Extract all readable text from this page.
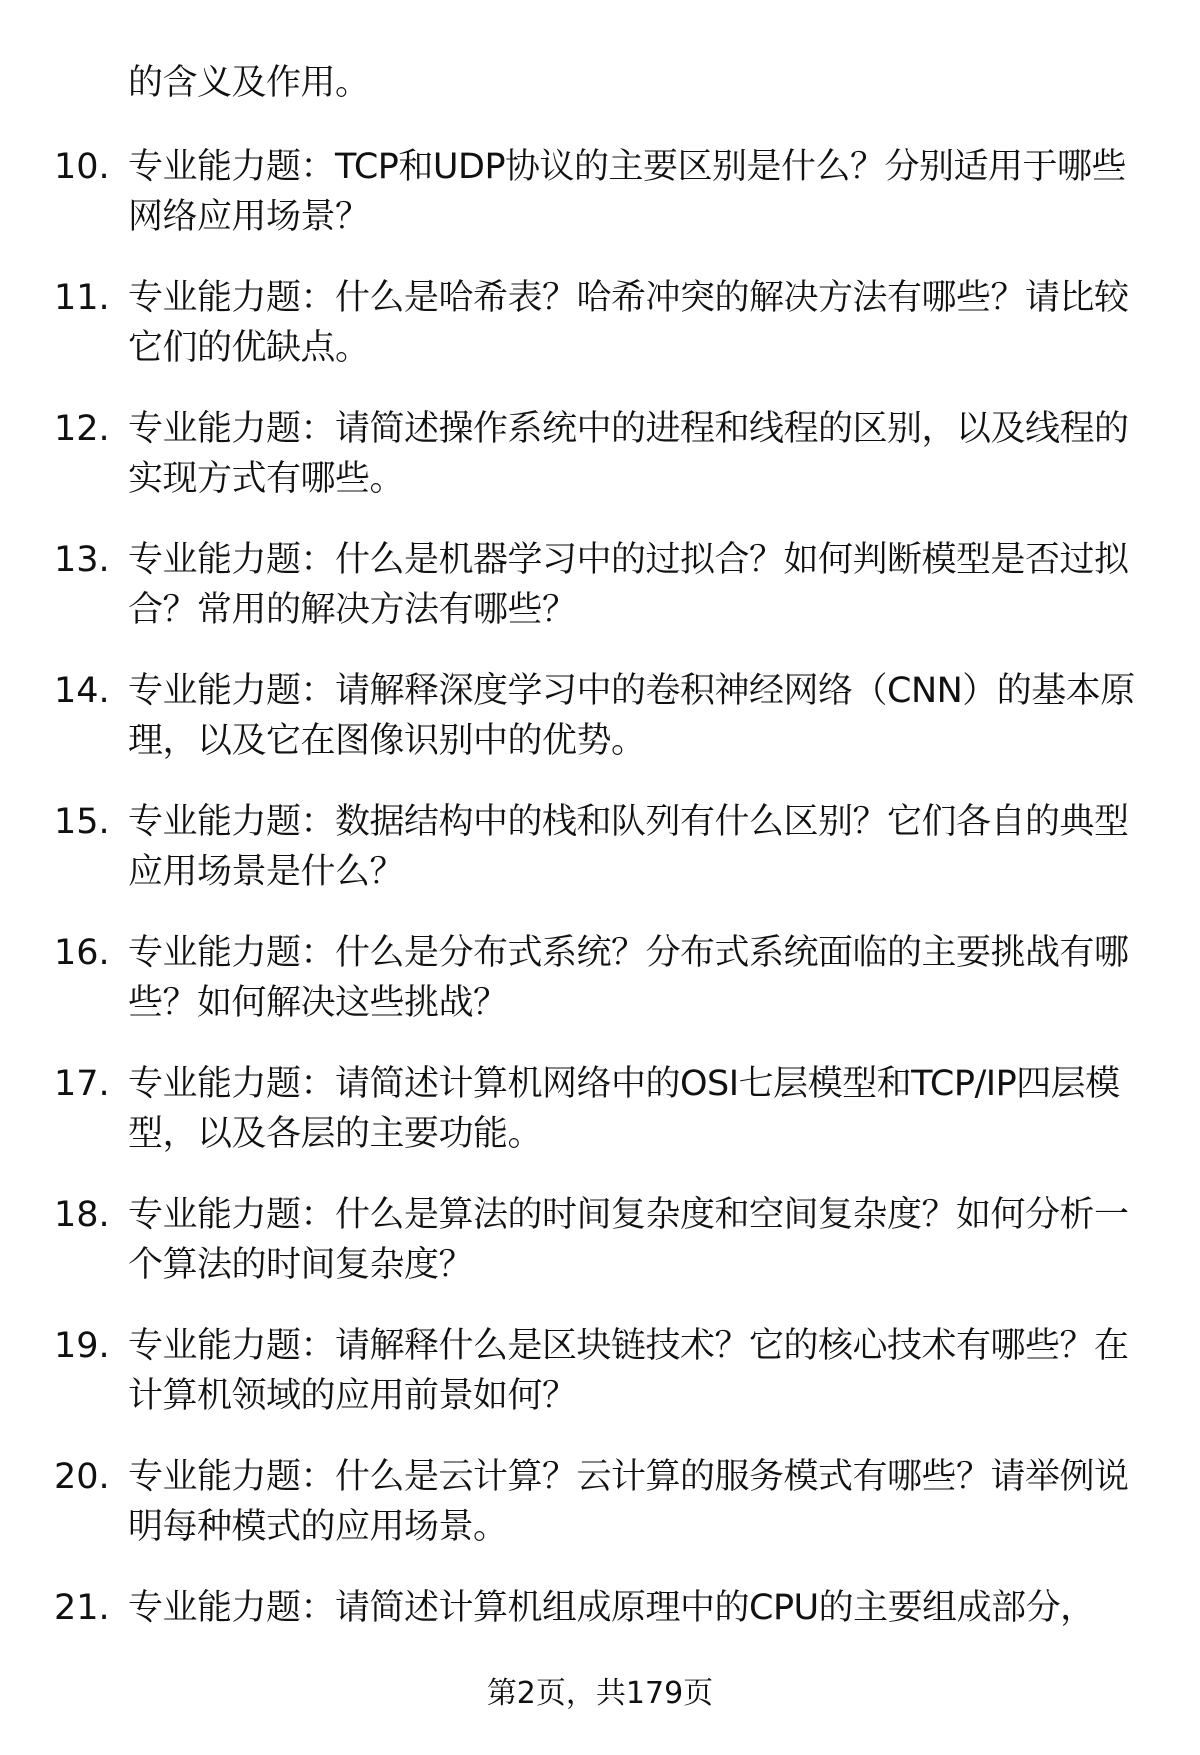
的含义及作用。
10. 专业能力题：TCP和UDP协议的主要区别是什么？分别适用于哪些网络应用场景？
11. 专业能力题：什么是哈希表？哈希冲突的解决方法有哪些？请比较它们的优缺点。
12. 专业能力题：请简述操作系统中的进程和线程的区别，以及线程的实现方式有哪些。
13. 专业能力题：什么是机器学习中的过拟合？如何判断模型是否过拟合？常用的解决方法有哪些？
14. 专业能力题：请解释深度学习中的卷积神经网络（CNN）的基本原理，以及它在图像识别中的优势。
15. 专业能力题：数据结构中的栈和队列有什么区别？它们各自的典型应用场景是什么？
16. 专业能力题：什么是分布式系统？分布式系统面临的主要挑战有哪些？如何解决这些挑战？
17. 专业能力题：请简述计算机网络中的OSI七层模型和TCP/IP四层模型，以及各层的主要功能。
18. 专业能力题：什么是算法的时间复杂度和空间复杂度？如何分析一个算法的时间复杂度？
19. 专业能力题：请解释什么是区块链技术？它的核心技术有哪些？在计算机领域的应用前景如何？
20. 专业能力题：什么是云计算？云计算的服务模式有哪些？请举例说明每种模式的应用场景。
21. 专业能力题：请简述计算机组成原理中的CPU的主要组成部分，
第2页，共179页
